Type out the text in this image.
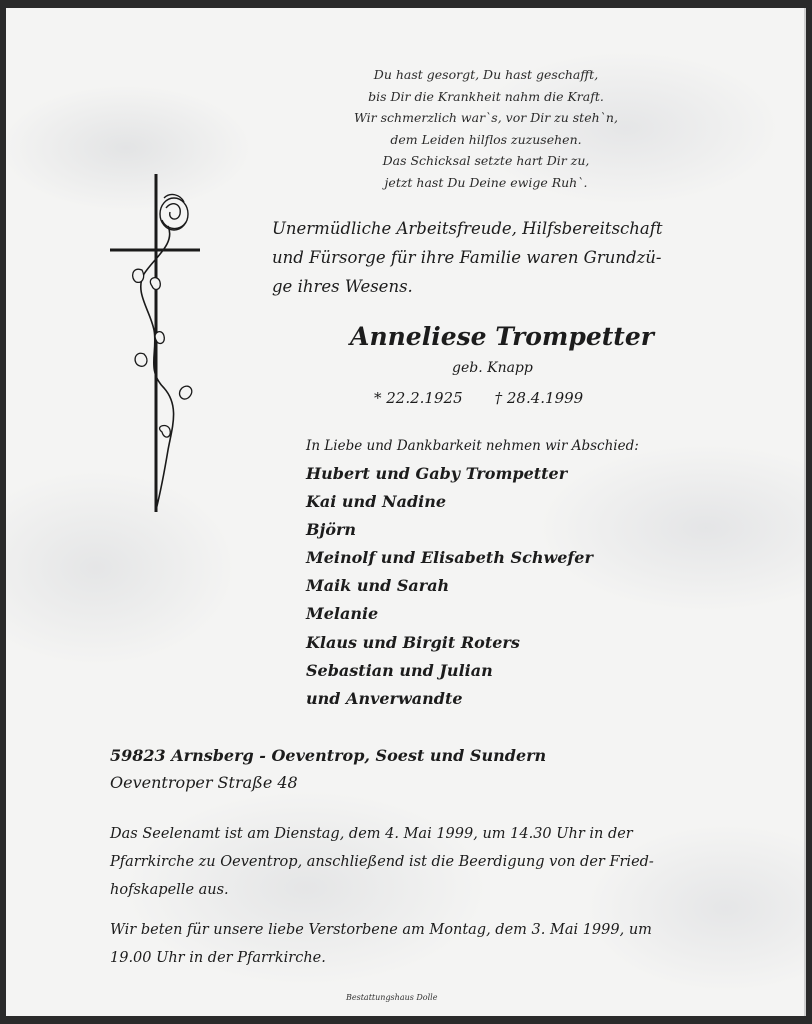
Du hast gesorgt, Du hast geschafft,
bis Dir die Krankheit nahm die Kraft.
Wir schmerzlich war`s, vor Dir zu steh`n,
dem Leiden hilflos zuzusehen.
Das Schicksal setzte hart Dir zu,
jetzt hast Du Deine ewige Ruh`.
Unermüdliche Arbeitsfreude, Hilfsbereitschaft
und Fürsorge für ihre Familie waren Grundzü-
ge ihres Wesens.
Anneliese Trompetter
geb. Knapp
* 22.2.1925 † 28.4.1999
In Liebe und Dankbarkeit nehmen wir Abschied:
Hubert und Gaby Trompetter
Kai und Nadine
Björn
Meinolf und Elisabeth Schwefer
Maik und Sarah
Melanie
Klaus und Birgit Roters
Sebastian und Julian
und Anverwandte
59823 Arnsberg - Oeventrop, Soest und Sundern
Oeventroper Straße 48
Das Seelenamt ist am Dienstag, dem 4. Mai 1999, um 14.30 Uhr in der
Pfarrkirche zu Oeventrop, anschließend ist die Beerdigung von der Fried-
hofskapelle aus.
Wir beten für unsere liebe Verstorbene am Montag, dem 3. Mai 1999, um
19.00 Uhr in der Pfarrkirche.
Bestattungshaus Dolle
